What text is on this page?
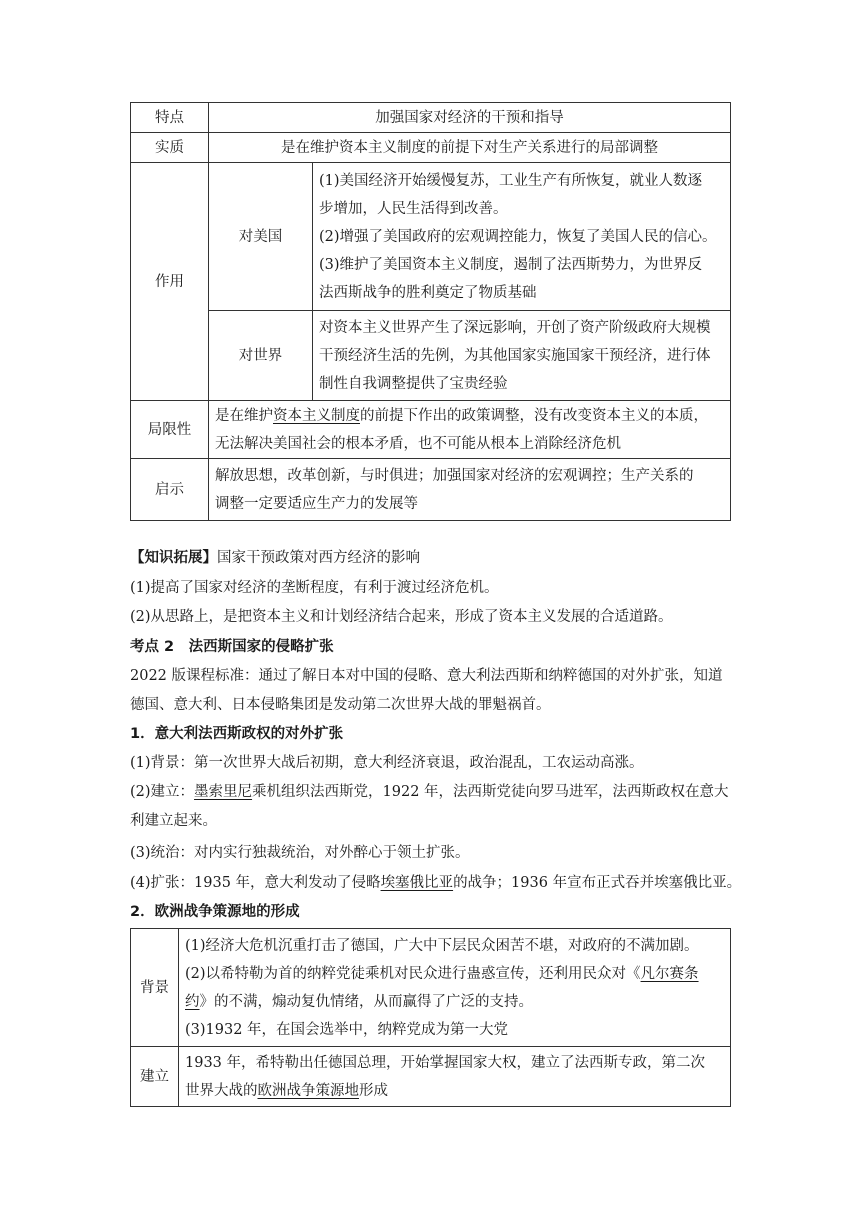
特点	加强国家对经济的干预和指导	
实质	是在维护资本主义制度的前提下对生产关系进行的局部调整	
作用	对美国	(1)美国经济开始缓慢复苏，工业生产有所恢复，就业人数逐
步增加，人民生活得到改善。
(2)增强了美国政府的宏观调控能力，恢复了美国人民的信心。
(3)维护了美国资本主义制度，遏制了法西斯势力，为世界反
法西斯战争的胜利奠定了物质基础

	对世界	对资本主义世界产生了深远影响，开创了资产阶级政府大规模
干预经济生活的先例，为其他国家实施国家干预经济，进行体
制性自我调整提供了宝贵经验

局限性	是在维护资本主义制度的前提下作出的政策调整，没有改变资本主义的本质，
无法解决美国社会的根本矛盾，也不可能从根本上消除经济危机	

启示	解放思想，改革创新，与时俱进；加强国家对经济的宏观调控；生产关系的
调整一定要适应生产力的发展等	
【知识拓展】国家干预政策对西方经济的影响
(1)提高了国家对经济的垄断程度，有利于渡过经济危机。
(2)从思路上，是把资本主义和计划经济结合起来，形成了资本主义发展的合适道路。
考点 2　法西斯国家的侵略扩张
2022 版课程标准：通过了解日本对中国的侵略、意大利法西斯和纳粹德国的对外扩张，知道
德国、意大利、日本侵略集团是发动第二次世界大战的罪魁祸首。
1．意大利法西斯政权的对外扩张
(1)背景：第一次世界大战后初期，意大利经济衰退，政治混乱，工农运动高涨。
(2)建立：墨索里尼乘机组织法西斯党，1922 年，法西斯党徒向罗马进军，法西斯政权在意大
利建立起来。
(3)统治：对内实行独裁统治，对外醉心于领土扩张。
(4)扩张：1935 年，意大利发动了侵略埃塞俄比亚的战争；1936 年宣布正式吞并埃塞俄比亚。
2．欧洲战争策源地的形成
背景	(1)经济大危机沉重打击了德国，广大中下层民众困苦不堪，对政府的不满加剧。
(2)以希特勒为首的纳粹党徒乘机对民众进行蛊惑宣传，还利用民众对《凡尔赛条
约》的不满，煽动复仇情绪，从而赢得了广泛的支持。
(3)1932 年，在国会选举中，纳粹党成为第一大党

建立	1933 年，希特勒出任德国总理，开始掌握国家大权，建立了法西斯专政，第二次
世界大战的欧洲战争策源地形成
